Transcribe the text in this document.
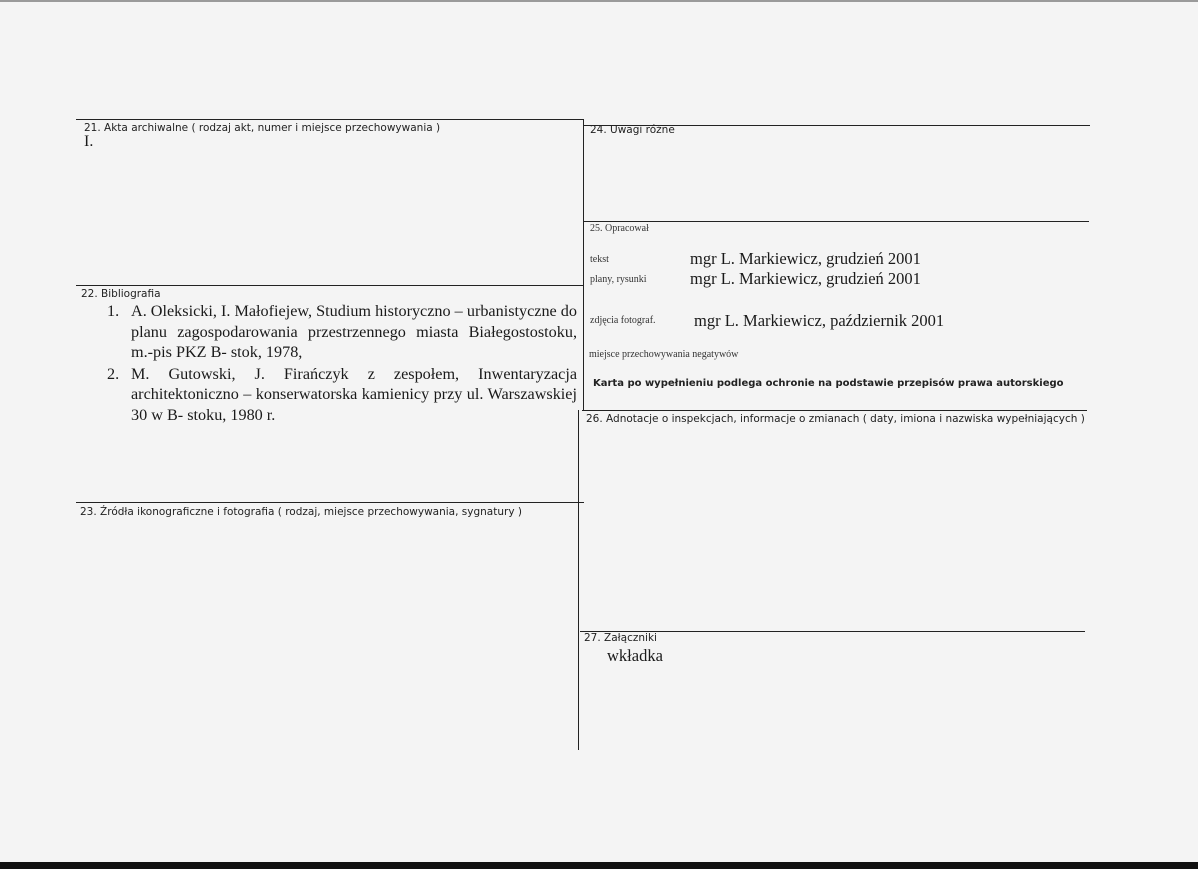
21. Akta archiwalne ( rodzaj akt, numer i miejsce przechowywania )
I.
22. Bibliografia
1. A. Oleksicki, I. Małofiejew, Studium historyczno – urbanistyczne do planu zagospodarowania przestrzennego miasta Białegostostoku, m.-pis PKZ B- stok, 1978,
2. M. Gutowski, J. Firańczyk z zespołem, Inwentaryzacja architektoniczno – konserwatorska kamienicy przy ul. Warszawskiej 30 w B- stoku, 1980 r.
23. Źródła ikonograficzne i fotografia ( rodzaj, miejsce przechowywania, sygnatury )
24. Uwagi różne
25. Opracował
tekst	mgr L. Markiewicz, grudzień 2001
plany, rysunki	mgr L. Markiewicz, grudzień 2001
zdjęcia fotograf. mgr L. Markiewicz, październik 2001
miejsce przechowywania negatywów
Karta po wypełnieniu podlega ochronie na podstawie przepisów prawa autorskiego
26. Adnotacje o inspekcjach, informacje o zmianach ( daty, imiona i nazwiska wypełniających )
27. Załączniki
wkładka
